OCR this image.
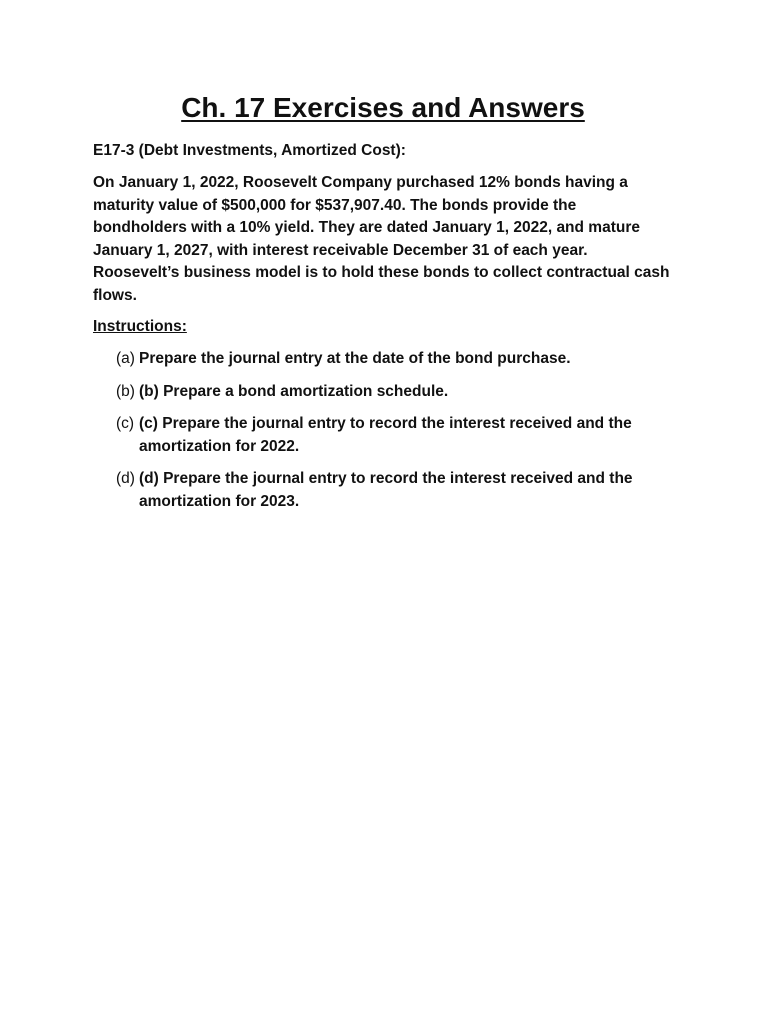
Ch. 17 Exercises and Answers

E17-3 (Debt Investments, Amortized Cost):

On January 1, 2022, Roosevelt Company purchased 12% bonds having a maturity value of $500,000 for $537,907.40. The bonds provide the bondholders with a 10% yield. They are dated January 1, 2022, and mature January 1, 2027, with interest receivable December 31 of each year. Roosevelt’s business model is to hold these bonds to collect contractual cash flows.

Instructions:

(a) Prepare the journal entry at the date of the bond purchase.
(b) (b) Prepare a bond amortization schedule.
(c) (c) Prepare the journal entry to record the interest received and the amortization for 2022.
(d) (d) Prepare the journal entry to record the interest received and the amortization for 2023.
